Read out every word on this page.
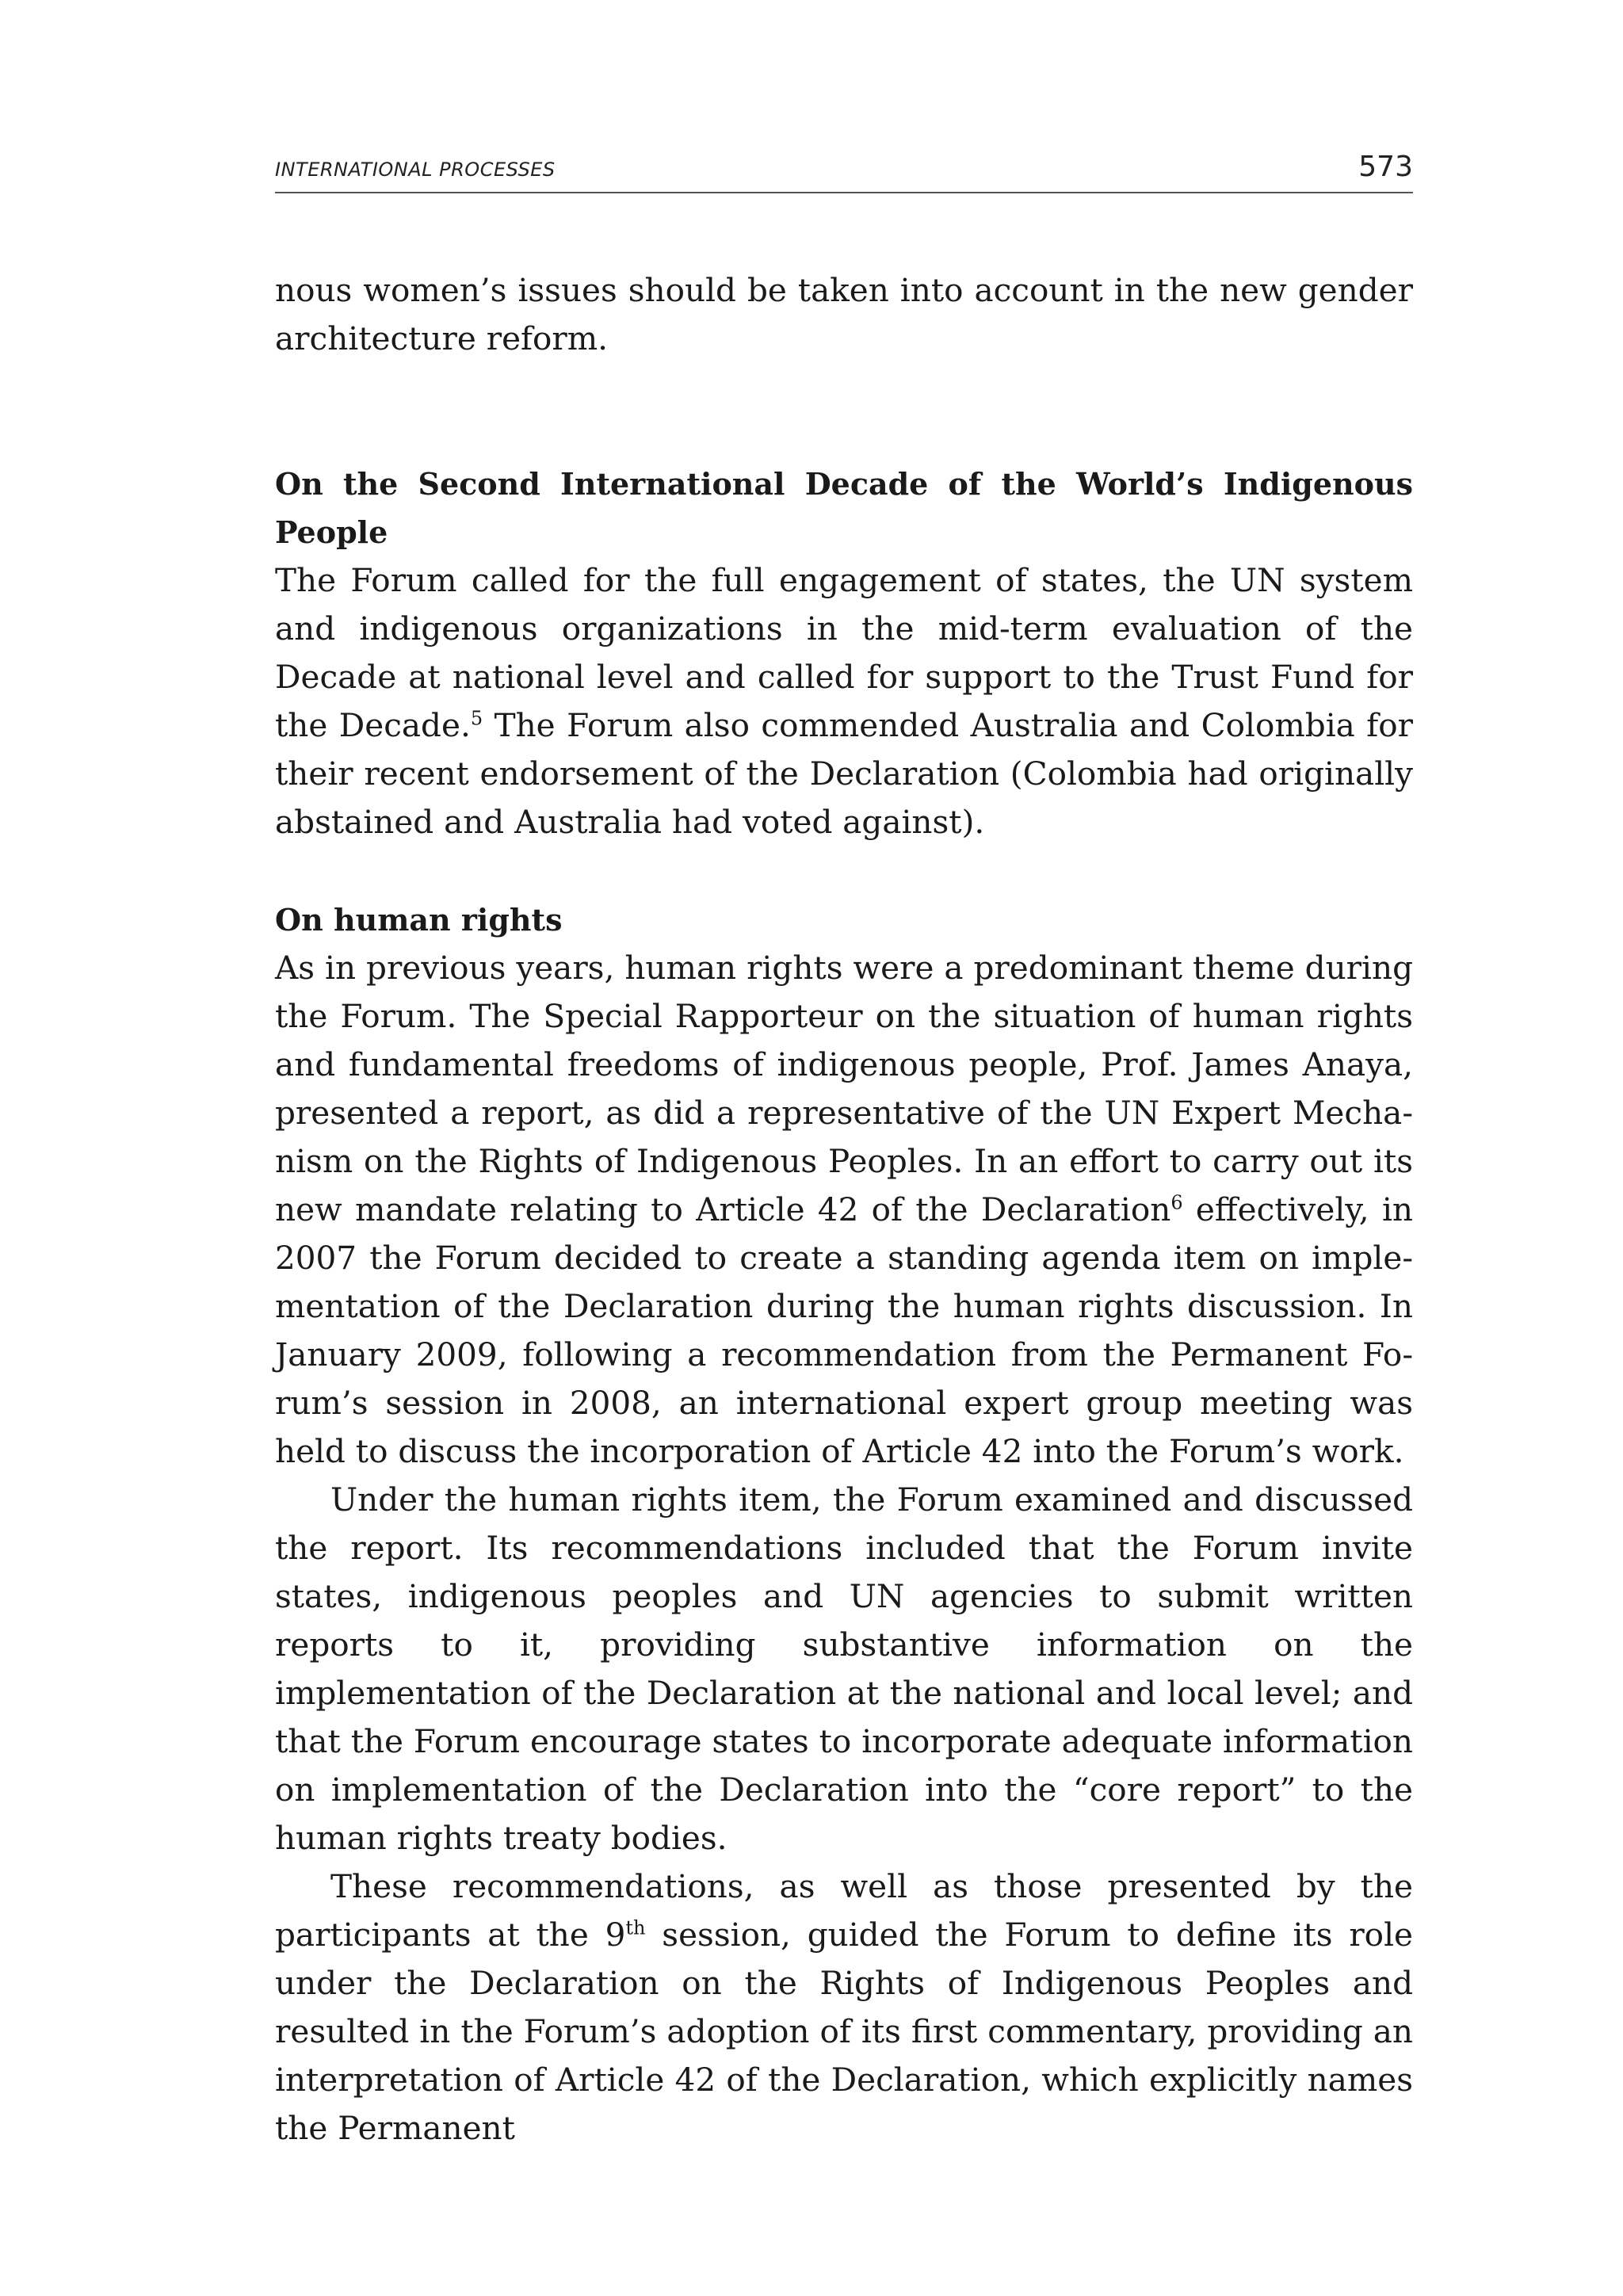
INTERNATIONAL PROCESSES	573

nous women’s issues should be taken into account in the new gender architecture reform.

On the Second International Decade of the World’s Indigenous People

The Forum called for the full engagement of states, the UN system and indigenous organizations in the mid-term evaluation of the Decade at national level and called for support to the Trust Fund for the Decade.$^5$ The Forum also commended Australia and Colombia for their recent endorsement of the Declaration (Colombia had originally abstained and Australia had voted against).

On human rights

As in previous years, human rights were a predominant theme during the Forum. The Special Rapporteur on the situation of human rights and fundamental freedoms of indigenous people, Prof. James Anaya, presented a report, as did a representative of the UN Expert Mechanism on the Rights of Indigenous Peoples. In an effort to carry out its new mandate relating to Article 42 of the Declaration$^6$ effectively, in 2007 the Forum decided to create a standing agenda item on implementation of the Declaration during the human rights discussion. In January 2009, following a recommendation from the Permanent Forum’s session in 2008, an international expert group meeting was held to discuss the incorporation of Article 42 into the Forum’s work.

Under the human rights item, the Forum examined and discussed the report. Its recommendations included that the Forum invite states, indigenous peoples and UN agencies to submit written reports to it, providing substantive information on the implementation of the Declaration at the national and local level; and that the Forum encourage states to incorporate adequate information on implementation of the Declaration into the “core report” to the human rights treaty bodies.

These recommendations, as well as those presented by the participants at the 9th session, guided the Forum to define its role under the Declaration on the Rights of Indigenous Peoples and resulted in the Forum’s adoption of its first commentary, providing an interpretation of Article 42 of the Declaration, which explicitly names the Permanent
